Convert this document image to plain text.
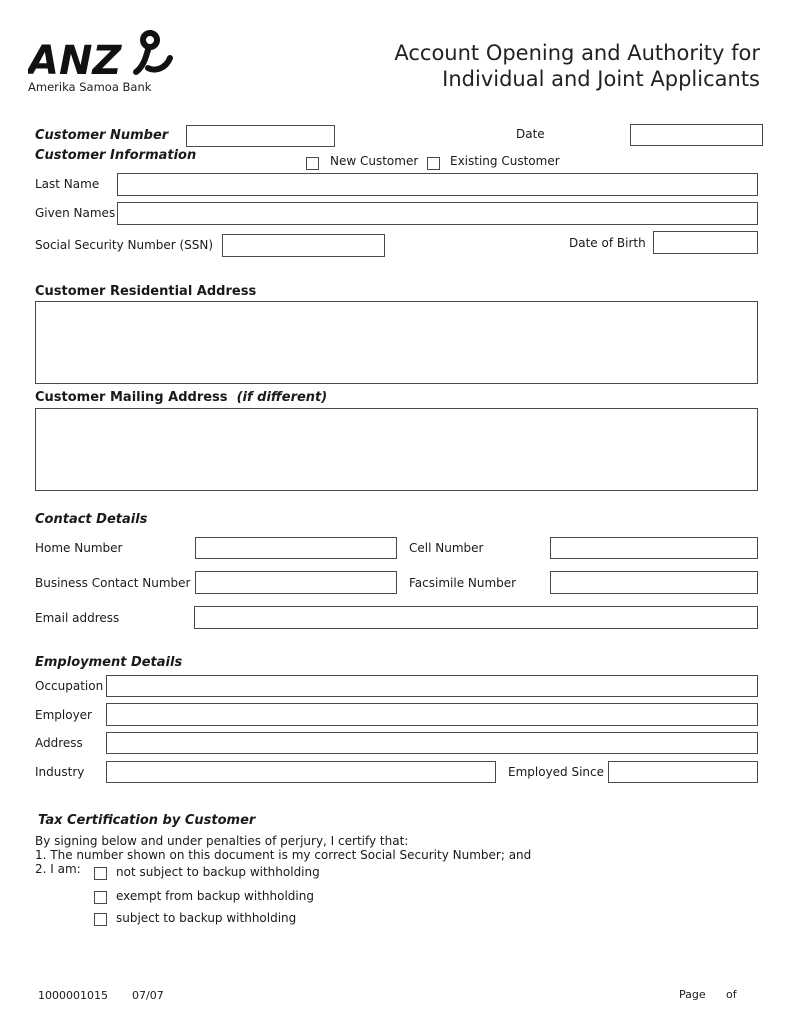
ANZ
Amerika Samoa Bank
Account Opening and Authority for
Individual and Joint Applicants
Customer Number	Date
Customer Information	New Customer	Existing Customer
Last Name
Given Names
Social Security Number (SSN)	Date of Birth
Customer Residential Address
Customer Mailing Address (if different)
Contact Details
Home Number	Cell Number
Business Contact Number	Facsimile Number
Email address
Employment Details
Occupation
Employer
Address
Industry	Employed Since
Tax Certification by Customer
By signing below and under penalties of perjury, I certify that:
1. The number shown on this document is my correct Social Security Number; and
2. I am:	not subject to backup withholding
exempt from backup withholding
subject to backup withholding
1000001015 07/07	Page of
